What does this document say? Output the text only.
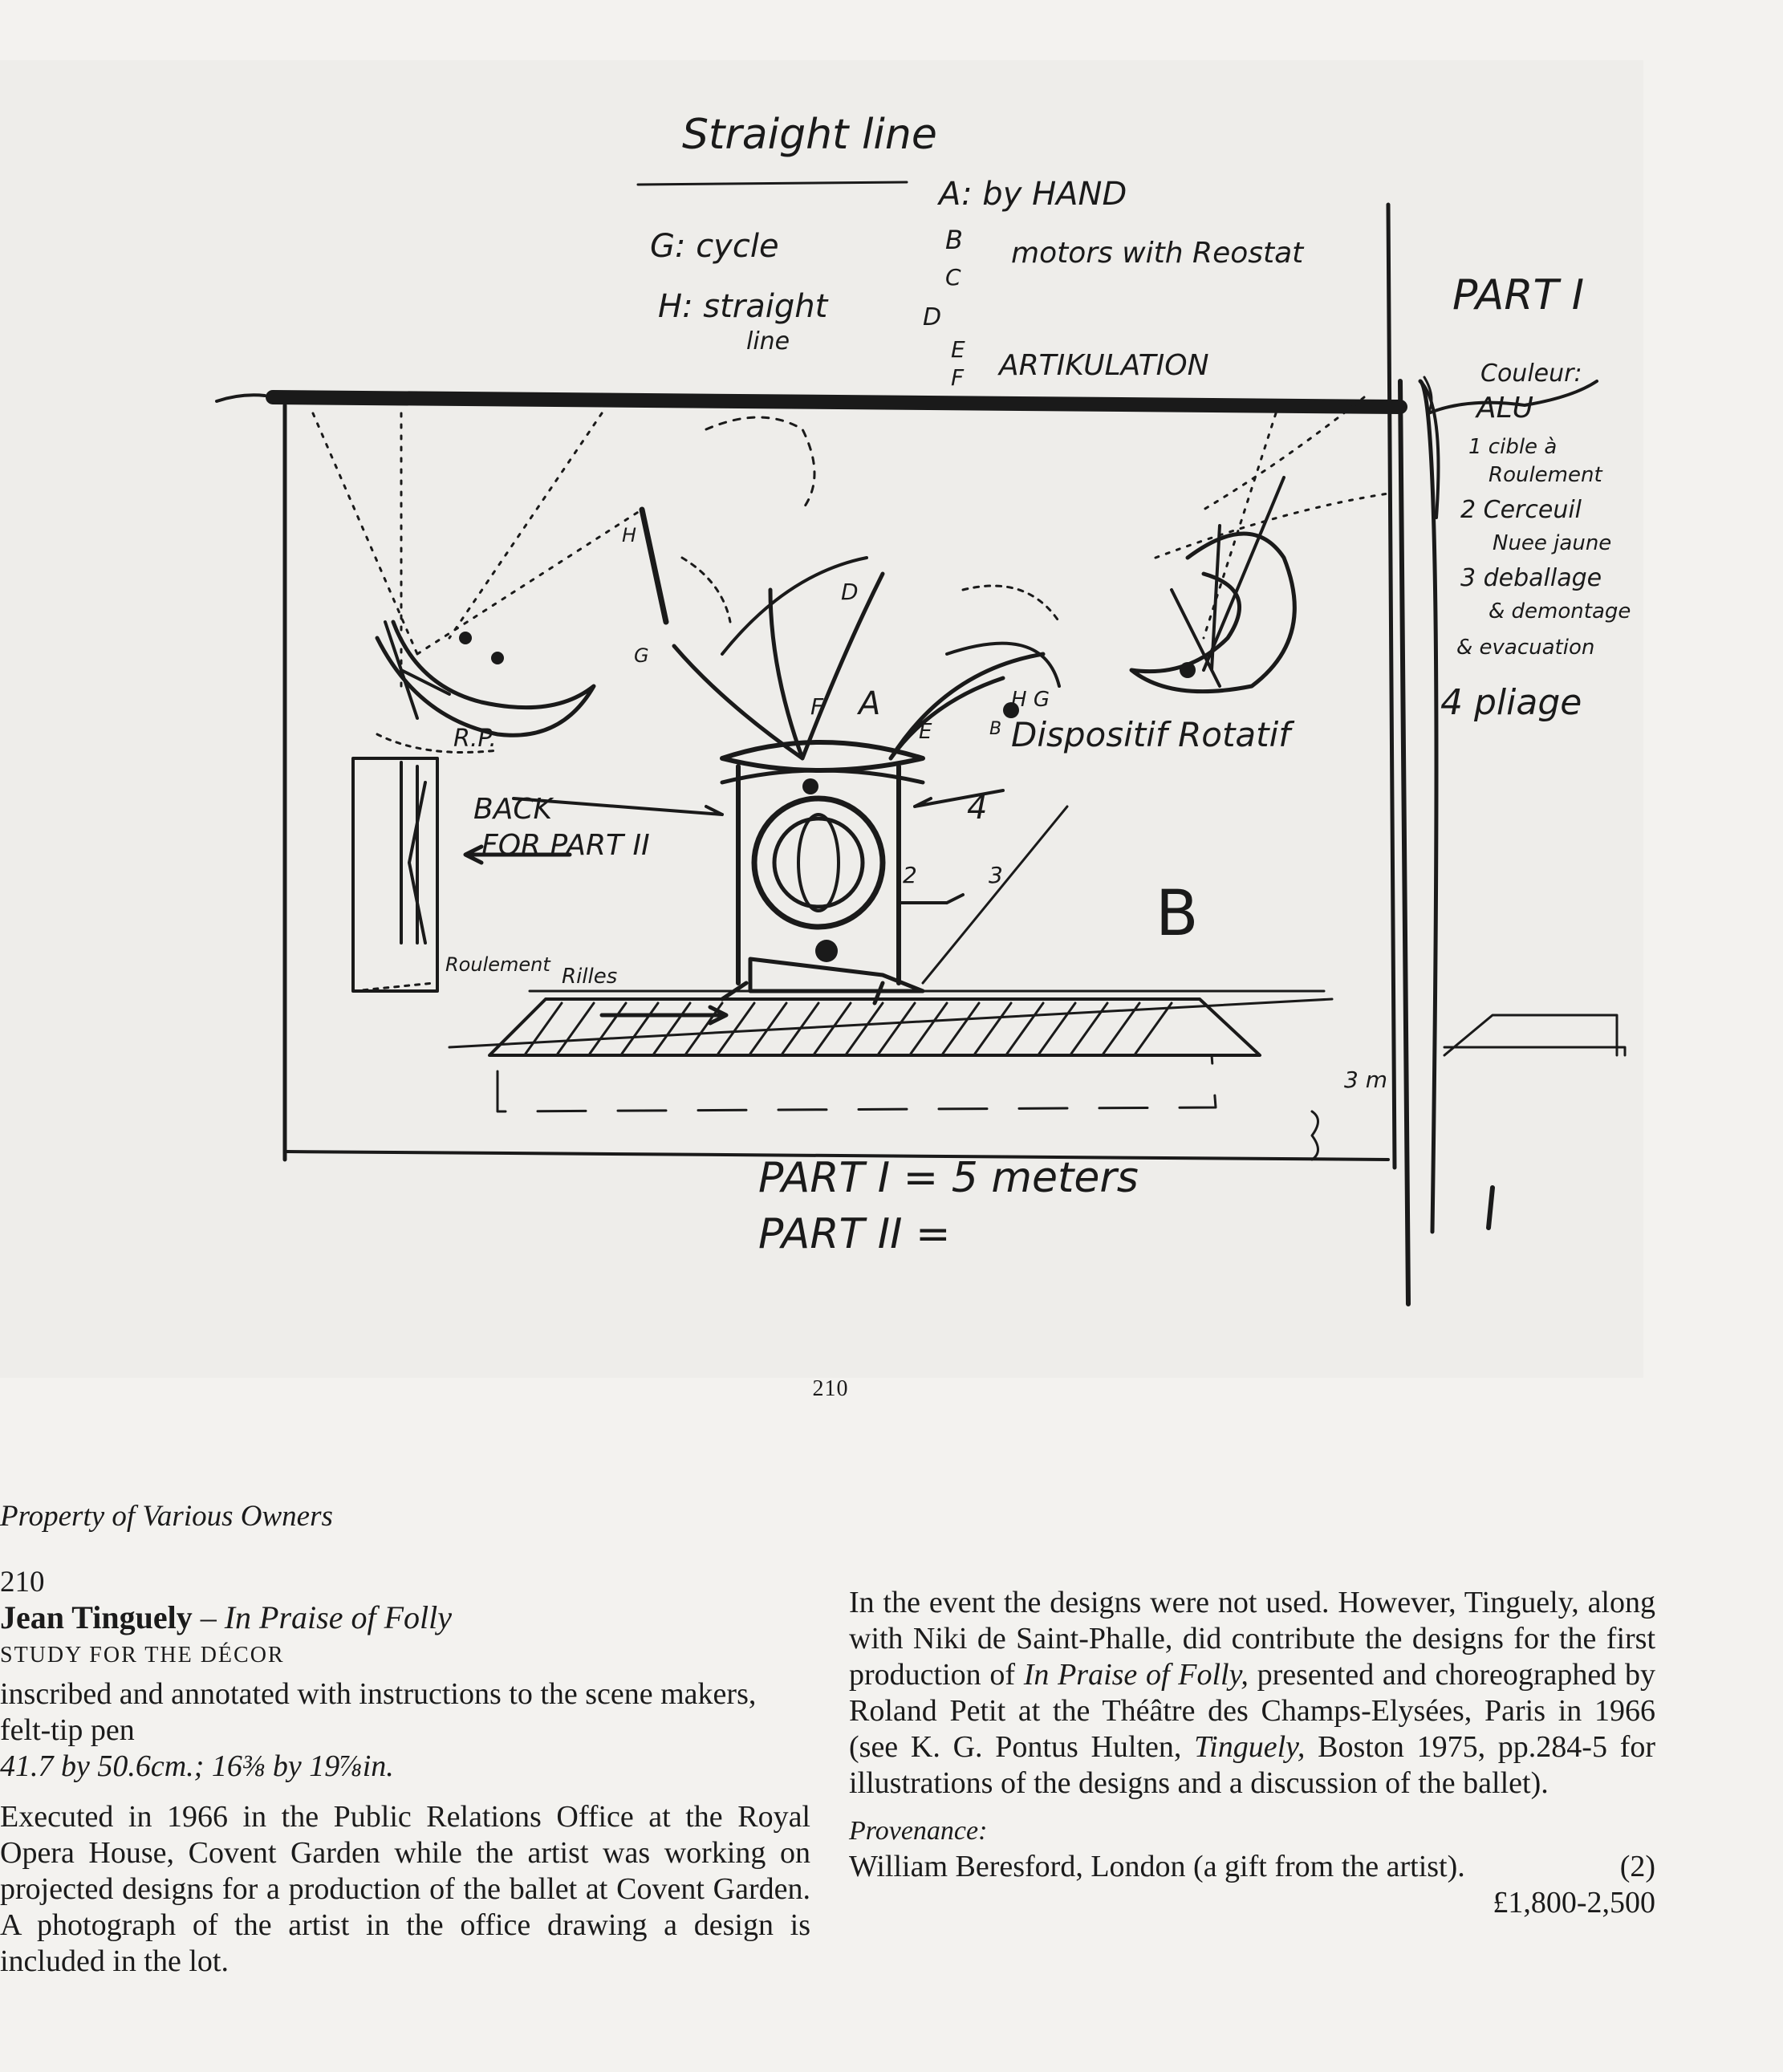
Straight line
G: cycle
H: straight
line
A: by HAND
B
C
motors with Reostat
D
E
F ARTIKULATION
PART I
Couleur:
ALU
1 cible à
Roulement
2 Cerceuil
Nuee jaune
3 deballage
& demontage
& evacuation
4 pliage
R.P.
BACK
FOR PART II
Roulement Rilles
Dispositif Rotatif
B
3 m
H
G
A
F
E
D
B
H G
4
2	3
PART I = 5 meters
PART II =
210

Property of Various Owners

210
Jean Tinguely – In Praise of Folly
STUDY FOR THE DÉCOR

inscribed and annotated with instructions to the scene makers, felt-tip pen

41.7 by 50.6cm.; 16⅜ by 19⅞in.

Executed in 1966 in the Public Relations Office at the Royal Opera House, Covent Garden while the artist was working on projected designs for a production of the ballet at Covent Garden. A photograph of the artist in the office drawing a design is included in the lot.

In the event the designs were not used. However, Tinguely, along with Niki de Saint-Phalle, did contribute the designs for the first production of In Praise of Folly, presented and choreographed by Roland Petit at the Théâtre des Champs-Elysées, Paris in 1966 (see K. G. Pontus Hulten, Tinguely, Boston 1975, pp.284-5 for illustrations of the designs and a discussion of the ballet).

Provenance:

(2)
William Beresford, London (a gift from the artist).
£1,800-2,500
